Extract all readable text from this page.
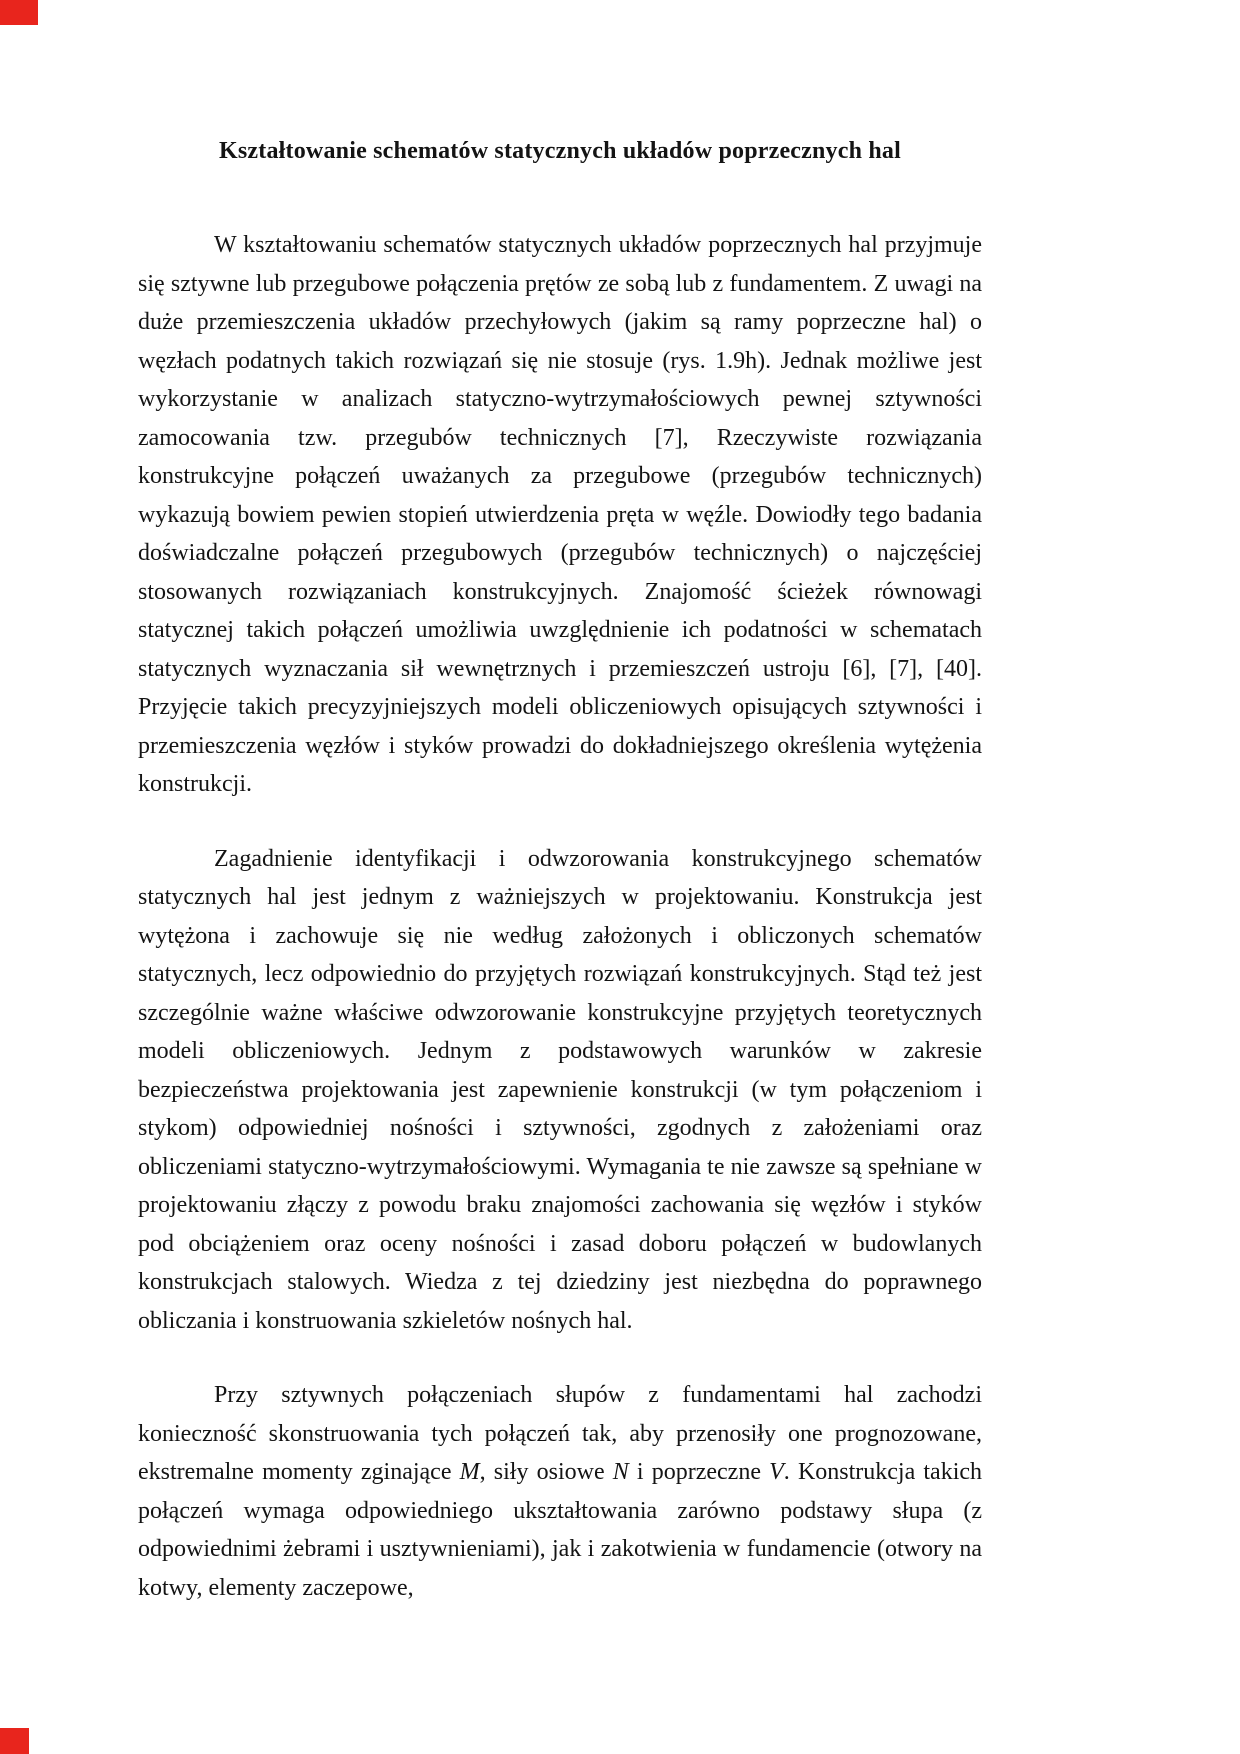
Kształtowanie schematów statycznych układów poprzecznych hal

W kształtowaniu schematów statycznych układów poprzecznych hal przyjmuje się sztywne lub przegubowe połączenia prętów ze sobą lub z fundamentem. Z uwagi na duże przemieszczenia układów przechyłowych (jakim są ramy poprzeczne hal) o węzłach podatnych takich rozwiązań się nie stosuje (rys. 1.9h). Jednak możliwe jest wykorzystanie w analizach statyczno-wytrzymałościowych pewnej sztywności zamocowania tzw. przegubów technicznych [7], Rzeczywiste rozwiązania konstrukcyjne połączeń uważanych za przegubowe (przegubów technicznych) wykazują bowiem pewien stopień utwierdzenia pręta w węźle. Dowiodły tego badania doświadczalne połączeń przegubowych (przegubów technicznych) o najczęściej stosowanych rozwiązaniach konstrukcyjnych. Znajomość ścieżek równowagi statycznej takich połączeń umożliwia uwzględnienie ich podatności w schematach statycznych wyznaczania sił wewnętrznych i przemieszczeń ustroju [6], [7], [40]. Przyjęcie takich precyzyjniejszych modeli obliczeniowych opisujących sztywności i przemieszczenia węzłów i styków prowadzi do dokładniejszego określenia wytężenia konstrukcji.

Zagadnienie identyfikacji i odwzorowania konstrukcyjnego schematów statycznych hal jest jednym z ważniejszych w projektowaniu. Konstrukcja jest wytężona i zachowuje się nie według założonych i obliczonych schematów statycznych, lecz odpowiednio do przyjętych rozwiązań konstrukcyjnych. Stąd też jest szczególnie ważne właściwe odwzorowanie konstrukcyjne przyjętych teoretycznych modeli obliczeniowych. Jednym z podstawowych warunków w zakresie bezpieczeństwa projektowania jest zapewnienie konstrukcji (w tym połączeniom i stykom) odpowiedniej nośności i sztywności, zgodnych z założeniami oraz obliczeniami statyczno-wytrzymałościowymi. Wymagania te nie zawsze są spełniane w projektowaniu złączy z powodu braku znajomości zachowania się węzłów i styków pod obciążeniem oraz oceny nośności i zasad doboru połączeń w budowlanych konstrukcjach stalowych. Wiedza z tej dziedziny jest niezbędna do poprawnego obliczania i konstruowania szkieletów nośnych hal.

Przy sztywnych połączeniach słupów z fundamentami hal zachodzi konieczność skonstruowania tych połączeń tak, aby przenosiły one prognozowane, ekstremalne momenty zginające M, siły osiowe N i poprzeczne V. Konstrukcja takich połączeń wymaga odpowiedniego ukształtowania zarówno podstawy słupa (z odpowiednimi żebrami i usztywnieniami), jak i zakotwienia w fundamencie (otwory na kotwy, elementy zaczepowe,
